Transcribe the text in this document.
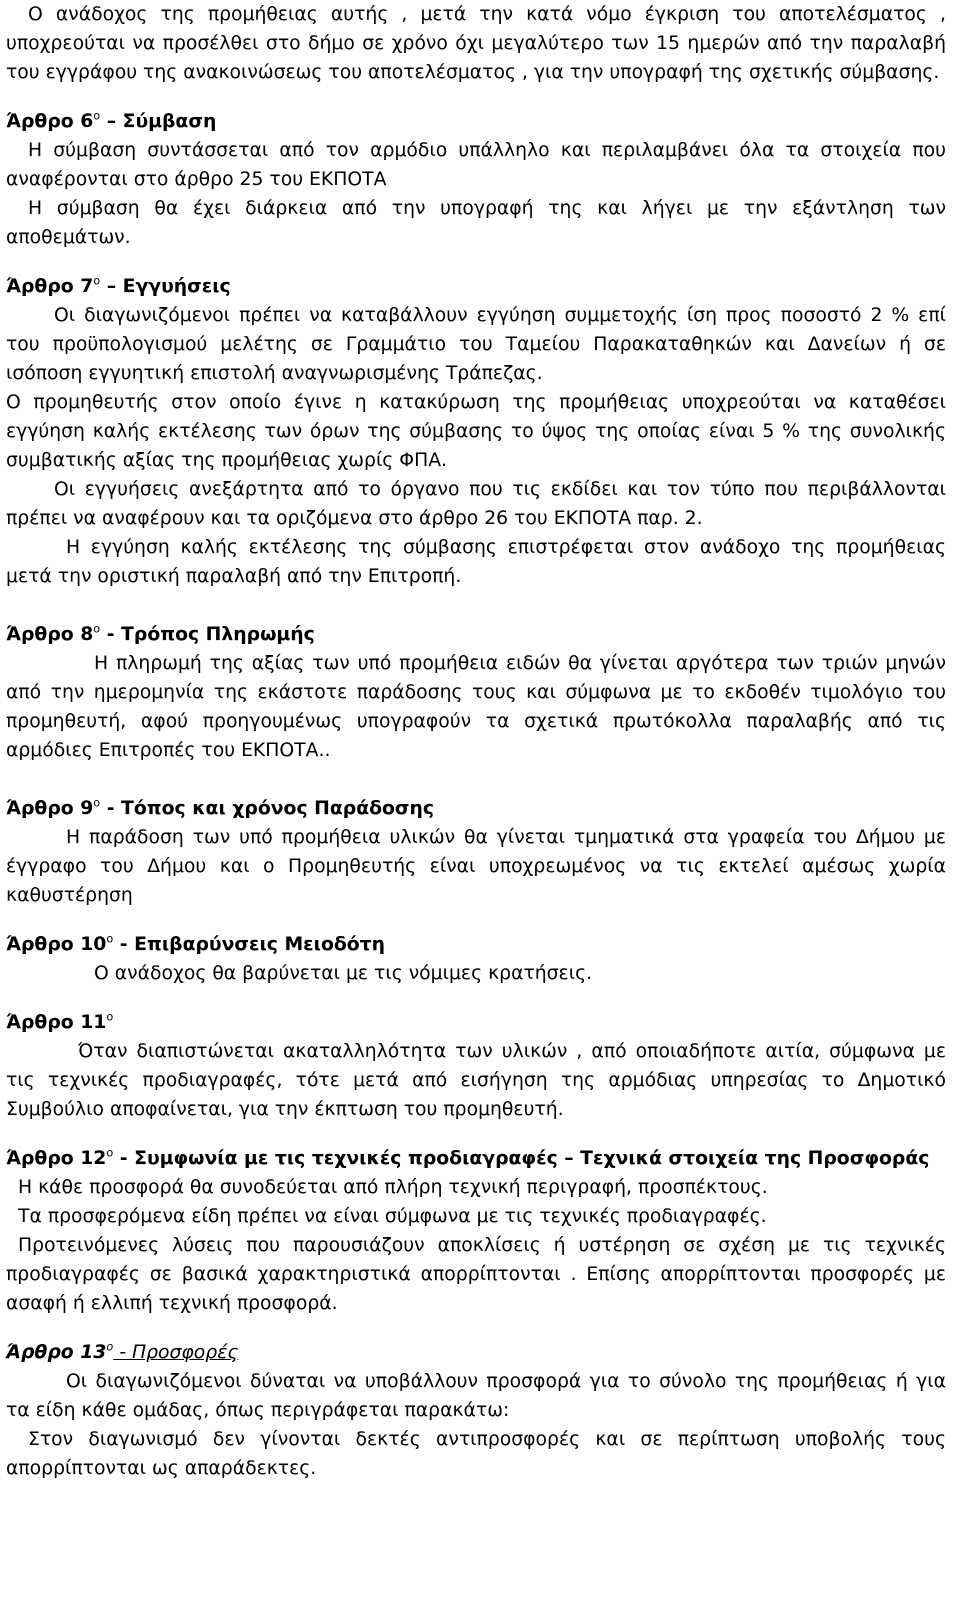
Ο ανάδοχος της προμήθειας αυτής , μετά την κατά νόμο έγκριση του αποτελέσματος , υποχρεούται να προσέλθει στο δήμο σε χρόνο όχι μεγαλύτερο των 15 ημερών από την παραλαβή του εγγράφου της ανακοινώσεως του αποτελέσματος , για την υπογραφή της σχετικής σύμβασης.

Άρθρο $6^o$ – Σύμβαση

Η σύμβαση συντάσσεται από τον αρμόδιο υπάλληλο και περιλαμβάνει όλα τα στοιχεία που αναφέρονται στο άρθρο 25 του ΕΚΠΟΤΑ

Η σύμβαση θα έχει διάρκεια από την υπογραφή της και λήγει με την εξάντληση των αποθεμάτων.

Άρθρο $7^o$ – Εγγυήσεις

Οι διαγωνιζόμενοι πρέπει να καταβάλλουν εγγύηση συμμετοχής ίση προς ποσοστό 2 % επί του προϋπολογισμού μελέτης σε Γραμμάτιο του Ταμείου Παρακαταθηκών και Δανείων ή σε ισόποση εγγυητική επιστολή αναγνωρισμένης Τράπεζας.

Ο προμηθευτής στον οποίο έγινε η κατακύρωση της προμήθειας υποχρεούται να καταθέσει εγγύηση καλής εκτέλεσης των όρων της σύμβασης το ύψος της οποίας είναι 5 % της συνολικής συμβατικής αξίας της προμήθειας χωρίς ΦΠΑ.

Οι εγγυήσεις ανεξάρτητα από το όργανο που τις εκδίδει και τον τύπο που περιβάλλονται πρέπει να αναφέρουν και τα οριζόμενα στο άρθρο 26 του ΕΚΠΟΤΑ παρ. 2.

Η εγγύηση καλής εκτέλεσης της σύμβασης επιστρέφεται στον ανάδοχο της προμήθειας μετά την οριστική παραλαβή από την Επιτροπή.

Άρθρο $8^o$ - Τρόπος Πληρωμής

Η πληρωμή της αξίας των υπό προμήθεια ειδών θα γίνεται αργότερα των τριών μηνών από την ημερομηνία της εκάστοτε παράδοσης τους και σύμφωνα με το εκδοθέν τιμολόγιο του προμηθευτή, αφού προηγουμένως υπογραφούν τα σχετικά πρωτόκολλα παραλαβής από τις αρμόδιες Επιτροπές του ΕΚΠΟΤΑ..

Άρθρο $9^o$ - Τόπος και χρόνος Παράδοσης

Η παράδοση των υπό προμήθεια υλικών θα γίνεται τμηματικά στα γραφεία του Δήμου με έγγραφο του Δήμου και ο Προμηθευτής είναι υποχρεωμένος να τις εκτελεί αμέσως χωρία καθυστέρηση

Άρθρο $10^o$ - Επιβαρύνσεις Μειοδότη

Ο ανάδοχος θα βαρύνεται με τις νόμιμες κρατήσεις.

Άρθρο $11^o$

Όταν διαπιστώνεται ακαταλληλότητα των υλικών , από οποιαδήποτε αιτία, σύμφωνα με τις τεχνικές προδιαγραφές, τότε μετά από εισήγηση της αρμόδιας υπηρεσίας το Δημοτικό Συμβούλιο αποφαίνεται, για την έκπτωση του προμηθευτή.

Άρθρο $12^o$ - Συμφωνία με τις τεχνικές προδιαγραφές – Τεχνικά στοιχεία της Προσφοράς

Η κάθε προσφορά θα συνοδεύεται από πλήρη τεχνική περιγραφή, προσπέκτους.

Τα προσφερόμενα είδη πρέπει να είναι σύμφωνα με τις τεχνικές προδιαγραφές.

Προτεινόμενες λύσεις που παρουσιάζουν αποκλίσεις ή υστέρηση σε σχέση με τις τεχνικές προδιαγραφές σε βασικά χαρακτηριστικά απορρίπτονται . Επίσης απορρίπτονται προσφορές με ασαφή ή ελλιπή τεχνική προσφορά.

Άρθρο $13^o$ - Προσφορές

Οι διαγωνιζόμενοι δύναται να υποβάλλουν προσφορά για το σύνολο της προμήθειας ή για τα είδη κάθε ομάδας, όπως περιγράφεται παρακάτω:

Στον διαγωνισμό δεν γίνονται δεκτές αντιπροσφορές και σε περίπτωση υποβολής τους απορρίπτονται ως απαράδεκτες.
